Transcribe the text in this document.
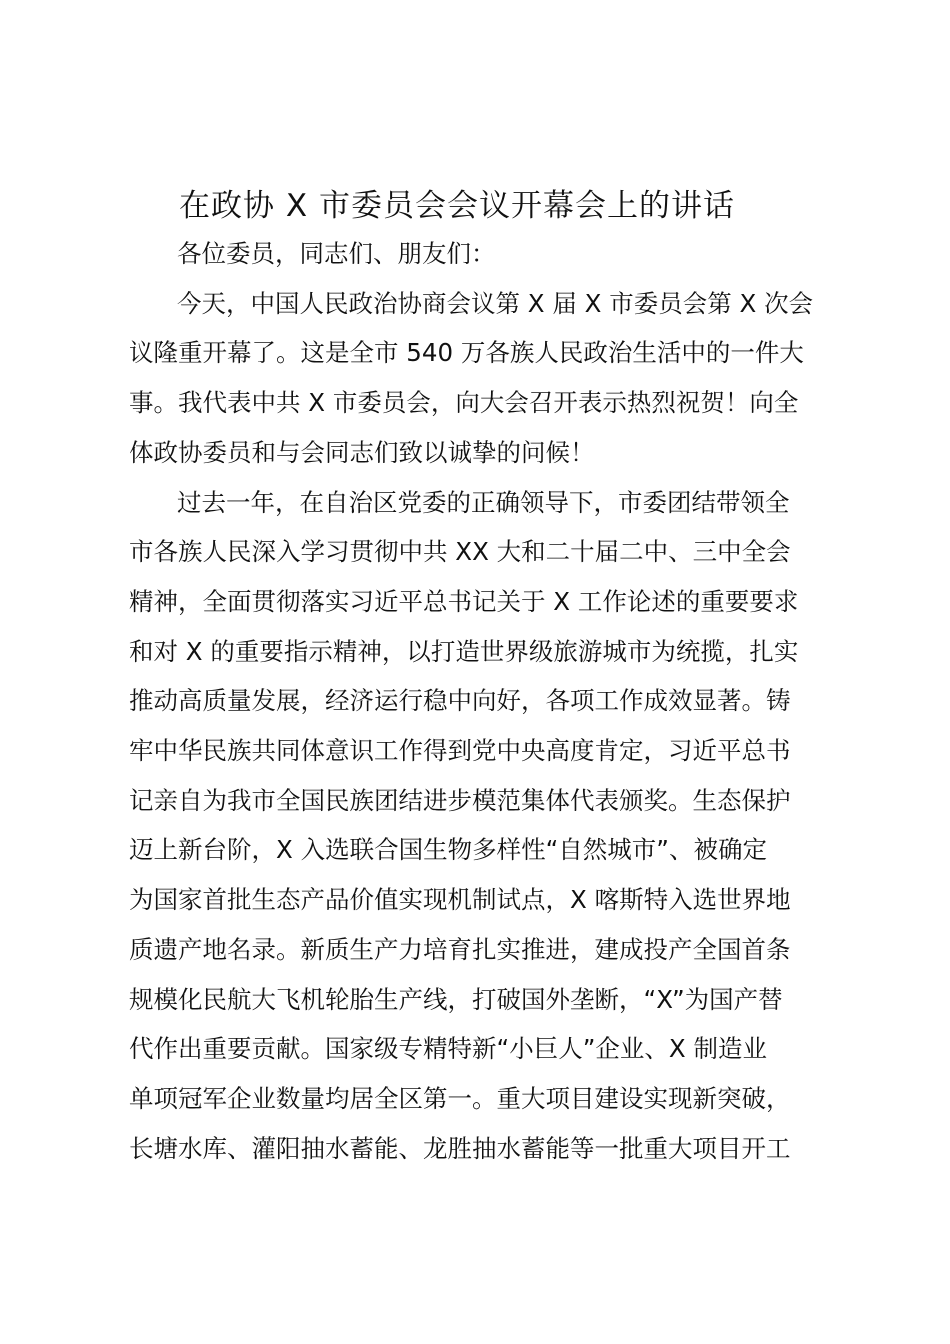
在政协 X 市委员会会议开幕会上的讲话

各位委员，同志们、朋友们：

今天，中国人民政治协商会议第 X 届 X 市委员会第 X 次会
议隆重开幕了。这是全市 540 万各族人民政治生活中的一件大
事。我代表中共 X 市委员会，向大会召开表示热烈祝贺！向全
体政协委员和与会同志们致以诚挚的问候！

过去一年，在自治区党委的正确领导下，市委团结带领全
市各族人民深入学习贯彻中共 XX 大和二十届二中、三中全会
精神，全面贯彻落实习近平总书记关于 X 工作论述的重要要求
和对 X 的重要指示精神，以打造世界级旅游城市为统揽，扎实
推动高质量发展，经济运行稳中向好，各项工作成效显著。铸
牢中华民族共同体意识工作得到党中央高度肯定，习近平总书
记亲自为我市全国民族团结进步模范集体代表颁奖。生态保护
迈上新台阶，X 入选联合国生物多样性“自然城市”、被确定
为国家首批生态产品价值实现机制试点，X 喀斯特入选世界地
质遗产地名录。新质生产力培育扎实推进，建成投产全国首条
规模化民航大飞机轮胎生产线，打破国外垄断，“X”为国产替
代作出重要贡献。国家级专精特新“小巨人”企业、X 制造业
单项冠军企业数量均居全区第一。重大项目建设实现新突破，
长塘水库、灌阳抽水蓄能、龙胜抽水蓄能等一批重大项目开工
